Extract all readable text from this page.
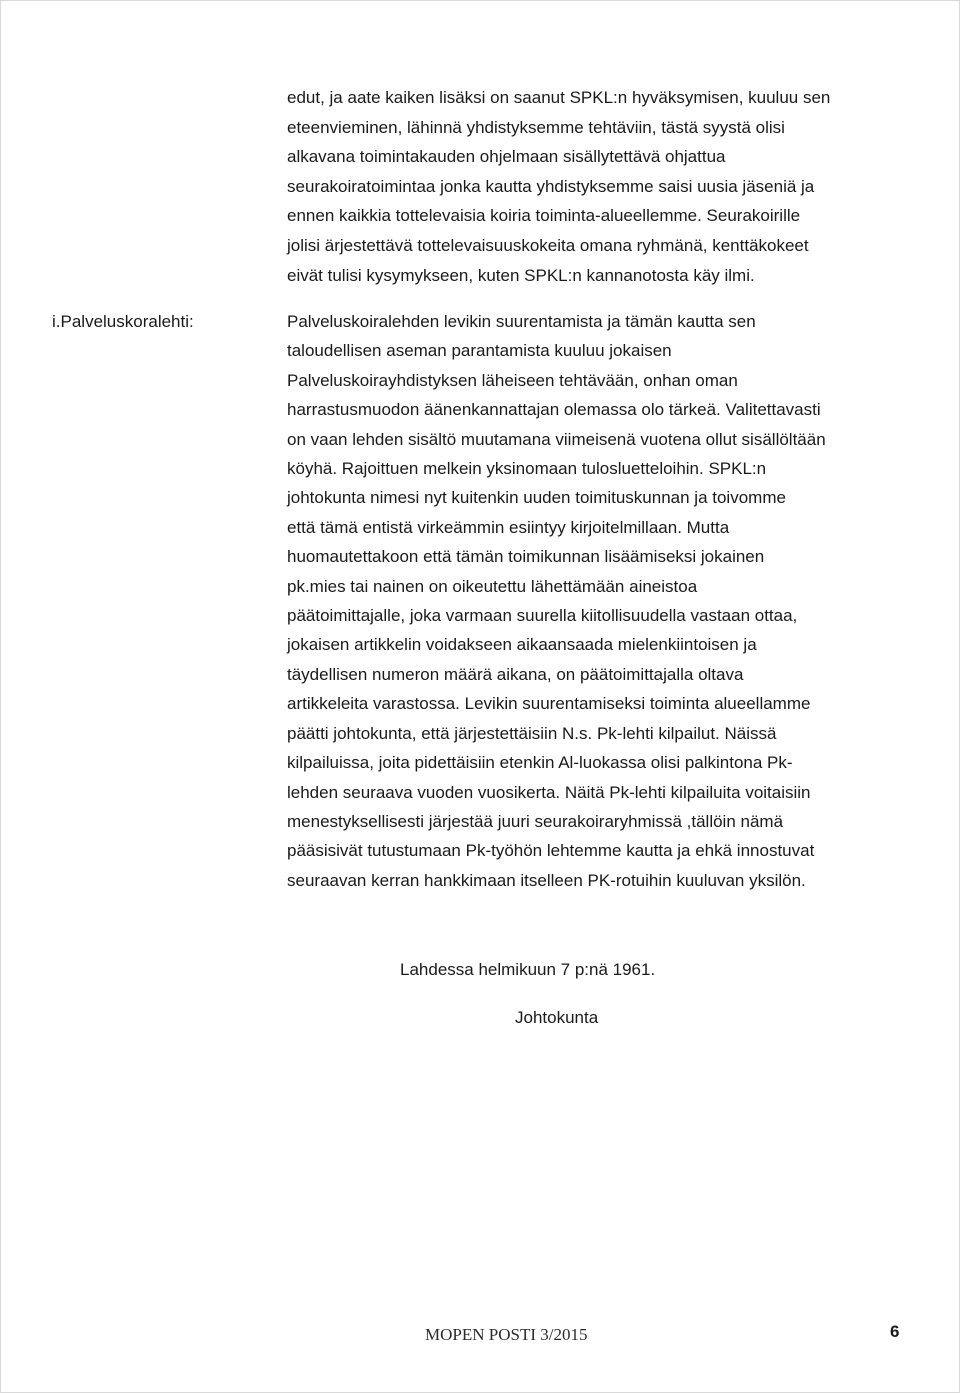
edut, ja aate kaiken lisäksi on saanut SPKL:n hyväksymisen, kuuluu sen
eteenvieminen, lähinnä yhdistyksemme tehtäviin, tästä syystä olisi
alkavana toimintakauden ohjelmaan sisällytettävä ohjattua
seurakoiratoimintaa jonka kautta yhdistyksemme saisi uusia jäseniä ja
ennen kaikkia tottelevaisia koiria toiminta-alueellemme. Seurakoirille
jolisi ärjestettävä tottelevaisuuskokeita omana ryhmänä, kenttäkokeet
eivät tulisi kysymykseen, kuten SPKL:n kannanotosta käy ilmi.

i.Palveluskoralehti:	Palveluskoiralehden levikin suurentamista ja tämän kautta sen
taloudellisen aseman parantamista kuuluu jokaisen
Palveluskoirayhdistyksen läheiseen tehtävään, onhan oman
harrastusmuodon äänenkannattajan olemassa olo tärkeä. Valitettavasti
on vaan lehden sisältö muutamana viimeisenä vuotena ollut sisällöltään
köyhä. Rajoittuen melkein yksinomaan tulosluetteloihin. SPKL:n
johtokunta nimesi nyt kuitenkin uuden toimituskunnan ja toivomme
että tämä entistä virkeämmin esiintyy kirjoitelmillaan. Mutta
huomautettakoon että tämän toimikunnan lisäämiseksi jokainen
pk.mies tai nainen on oikeutettu lähettämään aineistoa
päätoimittajalle, joka varmaan suurella kiitollisuudella vastaan ottaa,
jokaisen artikkelin voidakseen aikaansaada mielenkiintoisen ja
täydellisen numeron määrä aikana, on päätoimittajalla oltava
artikkeleita varastossa. Levikin suurentamiseksi toiminta alueellamme
päätti johtokunta, että järjestettäisiin N.s. Pk-lehti kilpailut. Näissä
kilpailuissa, joita pidettäisiin etenkin Al-luokassa olisi palkintona Pk-
lehden seuraava vuoden vuosikerta. Näitä Pk-lehti kilpailuita voitaisiin
menestyksellisesti järjestää juuri seurakoiraryhmissä ,tällöin nämä
pääsisivät tutustumaan Pk-työhön lehtemme kautta ja ehkä innostuvat
seuraavan kerran hankkimaan itselleen PK-rotuihin kuuluvan yksilön.

Lahdessa helmikuun 7 p:nä 1961.

Johtokunta

MOPEN POSTI 3/2015	6
